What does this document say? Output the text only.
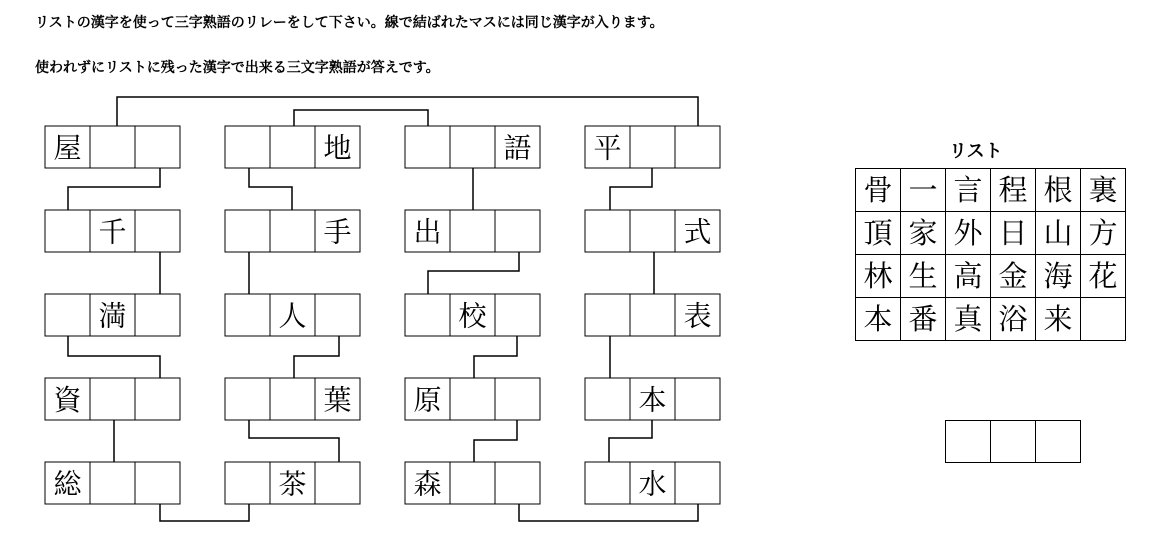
リストの漢字を使って三字熟語のリレーをして下さい。線で結ばれたマスには同じ漢字が入ります。

使われずにリストに残った漢字で出来る三文字熟語が答えです。

屋
千
満
資
総
地
手
人
葉
茶
語
出
校
原
森
平
式
表
本
水

リスト

骨	一	言	程	根	裏
頂	家	外	日	山	方
林	生	高	金	海	花
本	番	真	浴	来	
